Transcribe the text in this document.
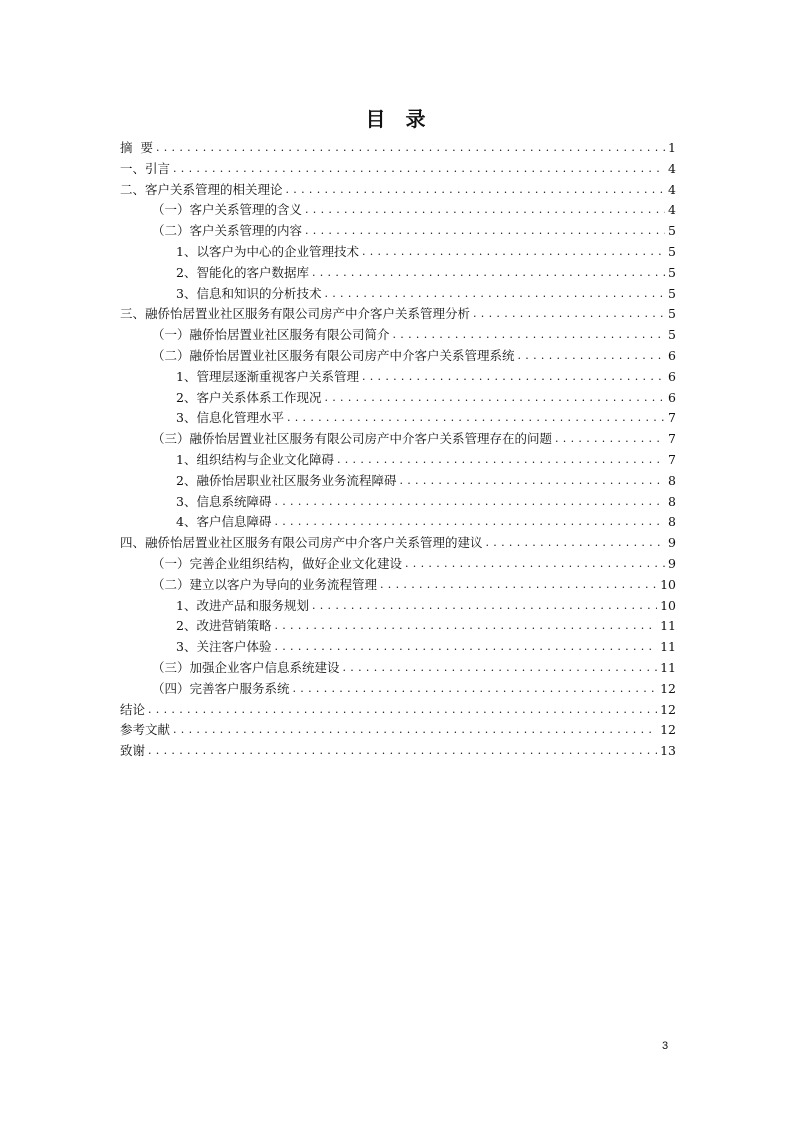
目  录
摘  要 . . .	1
一、引言 . . .	4
二、客户关系管理的相关理论 . . .	4
（一）客户关系管理的含义 . . .	4
（二）客户关系管理的内容 . . .	5
1、以客户为中心的企业管理技术 . . .	5
2、智能化的客户数据库 . . .	5
3、信息和知识的分析技术 . . .	5
三、融侨怡居置业社区服务有限公司房产中介客户关系管理分析 . . .	5
（一）融侨怡居置业社区服务有限公司简介 . . .	5
（二）融侨怡居置业社区服务有限公司房产中介客户关系管理系统 . . .	6
1、管理层逐渐重视客户关系管理 . . .	6
2、客户关系体系工作现况 . . .	6
3、信息化管理水平 . . .	7
（三）融侨怡居置业社区服务有限公司房产中介客户关系管理存在的问题 . . .	7
1、组织结构与企业文化障碍 . . .	7
2、融侨怡居职业社区服务业务流程障碍 . . .	8
3、信息系统障碍 . . .	8
4、客户信息障碍 . . .	8
四、融侨怡居置业社区服务有限公司房产中介客户关系管理的建议 . . .	9
（一）完善企业组织结构，做好企业文化建设 . . .	9
（二）建立以客户为导向的业务流程管理 . . .	10
1、改进产品和服务规划 . . .	10
2、改进营销策略 . . .	11
3、关注客户体验 . . .	11
（三）加强企业客户信息系统建设 . . .	11
（四）完善客户服务系统 . . .	12
结论 . . .	12
参考文献 . . .	12
致谢 . . .	13
3
